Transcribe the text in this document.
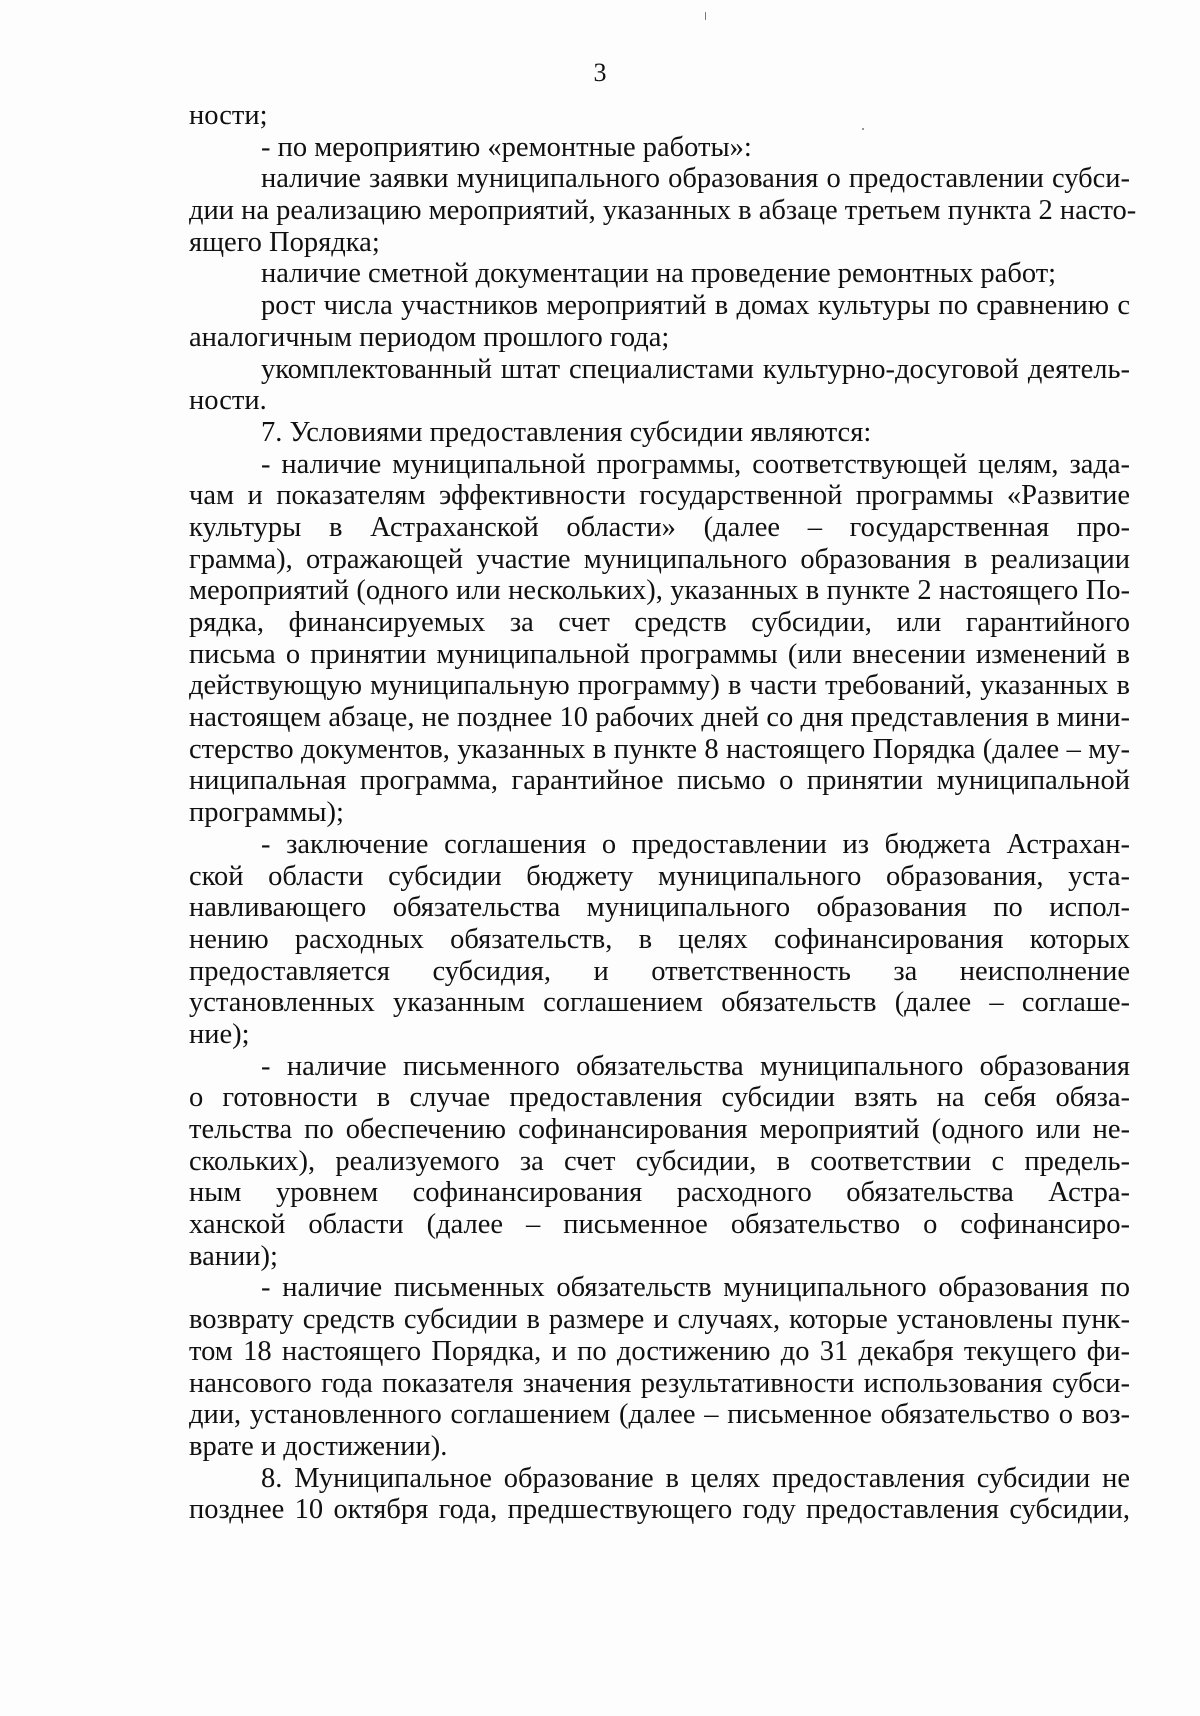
3
ности;
- по мероприятию «ремонтные работы»:
наличие заявки муниципального образования о предоставлении субси-
дии на реализацию мероприятий, указанных в абзаце третьем пункта 2 насто-
ящего Порядка;
наличие сметной документации на проведение ремонтных работ;
рост числа участников мероприятий в домах культуры по сравнению с
аналогичным периодом прошлого года;
укомплектованный штат специалистами культурно-досуговой деятель-
ности.
7. Условиями предоставления субсидии являются:
- наличие муниципальной программы, соответствующей целям, зада-
чам и показателям эффективности государственной программы «Развитие
культуры в Астраханской области» (далее – государственная про-
грамма), отражающей участие муниципального образования в реализации
мероприятий (одного или нескольких), указанных в пункте 2 настоящего По-
рядка, финансируемых за счет средств субсидии, или гарантийного
письма о принятии муниципальной программы (или внесении изменений в
действующую муниципальную программу) в части требований, указанных в
настоящем абзаце, не позднее 10 рабочих дней со дня представления в мини-
стерство документов, указанных в пункте 8 настоящего Порядка (далее – му-
ниципальная программа, гарантийное письмо о принятии муниципальной
программы);
- заключение соглашения о предоставлении из бюджета Астрахан-
ской области субсидии бюджету муниципального образования, уста-
навливающего обязательства муниципального образования по испол-
нению расходных обязательств, в целях софинансирования которых
предоставляется субсидия, и ответственность за неисполнение
установленных указанным соглашением обязательств (далее – соглаше-
ние);
- наличие письменного обязательства муниципального образования
о готовности в случае предоставления субсидии взять на себя обяза-
тельства по обеспечению софинансирования мероприятий (одного или не-
скольких), реализуемого за счет субсидии, в соответствии с предель-
ным уровнем софинансирования расходного обязательства Астра-
ханской области (далее – письменное обязательство о софинансиро-
вании);
- наличие письменных обязательств муниципального образования по
возврату средств субсидии в размере и случаях, которые установлены пунк-
том 18 настоящего Порядка, и по достижению до 31 декабря текущего фи-
нансового года показателя значения результативности использования субси-
дии, установленного соглашением (далее – письменное обязательство о воз-
врате и достижении).
8. Муниципальное образование в целях предоставления субсидии не
позднее 10 октября года, предшествующего году предоставления субсидии,
